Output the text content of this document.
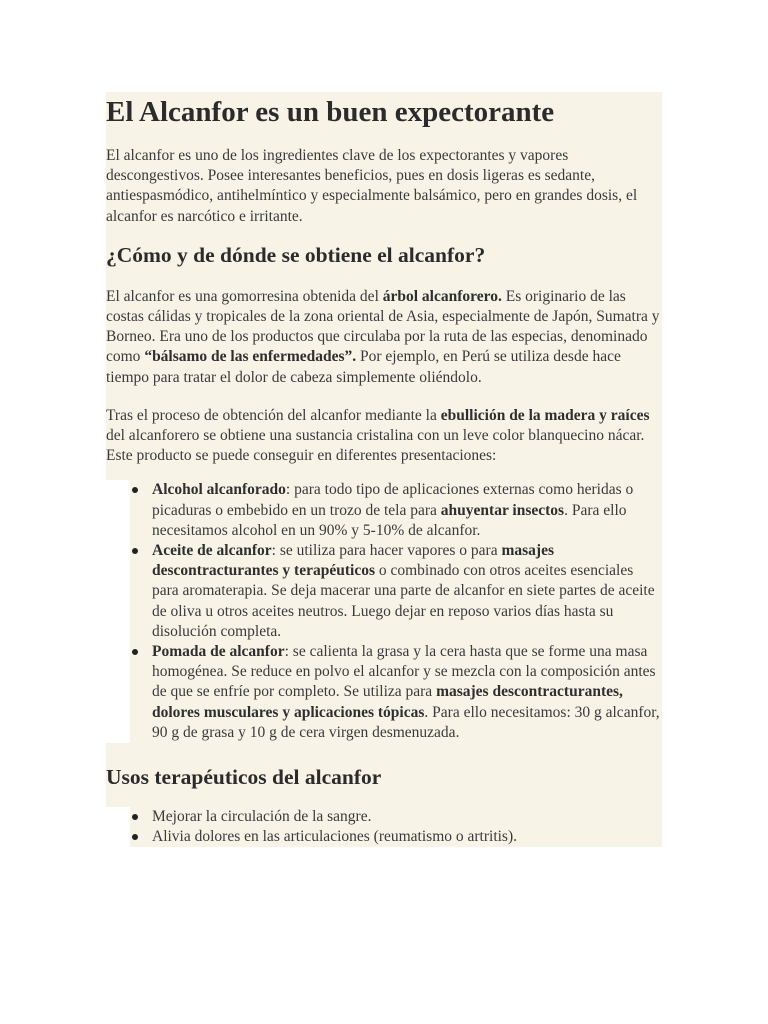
El Alcanfor es un buen expectorante

El alcanfor es uno de los ingredientes clave de los expectorantes y vapores descongestivos. Posee interesantes beneficios, pues en dosis ligeras es sedante, antiespasmódico, antihelmíntico y especialmente balsámico, pero en grandes dosis, el alcanfor es narcótico e irritante.

¿Cómo y de dónde se obtiene el alcanfor?

El alcanfor es una gomorresina obtenida del árbol alcanforero. Es originario de las costas cálidas y tropicales de la zona oriental de Asia, especialmente de Japón, Sumatra y Borneo. Era uno de los productos que circulaba por la ruta de las especias, denominado como “bálsamo de las enfermedades”. Por ejemplo, en Perú se utiliza desde hace tiempo para tratar el dolor de cabeza simplemente oliéndolo.

Tras el proceso de obtención del alcanfor mediante la ebullición de la madera y raíces del alcanforero se obtiene una sustancia cristalina con un leve color blanquecino nácar. Este producto se puede conseguir en diferentes presentaciones:

Alcohol alcanforado: para todo tipo de aplicaciones externas como heridas o picaduras o embebido en un trozo de tela para ahuyentar insectos. Para ello necesitamos alcohol en un 90% y 5-10% de alcanfor.
Aceite de alcanfor: se utiliza para hacer vapores o para masajes descontracturantes y terapéuticos o combinado con otros aceites esenciales para aromaterapia. Se deja macerar una parte de alcanfor en siete partes de aceite de oliva u otros aceites neutros. Luego dejar en reposo varios días hasta su disolución completa.
Pomada de alcanfor: se calienta la grasa y la cera hasta que se forme una masa homogénea. Se reduce en polvo el alcanfor y se mezcla con la composición antes de que se enfríe por completo. Se utiliza para masajes descontracturantes, dolores musculares y aplicaciones tópicas. Para ello necesitamos: 30 g alcanfor, 90 g de grasa y 10 g de cera virgen desmenuzada.
Usos terapéuticos del alcanfor
Mejorar la circulación de la sangre.
Alivia dolores en las articulaciones (reumatismo o artritis).
